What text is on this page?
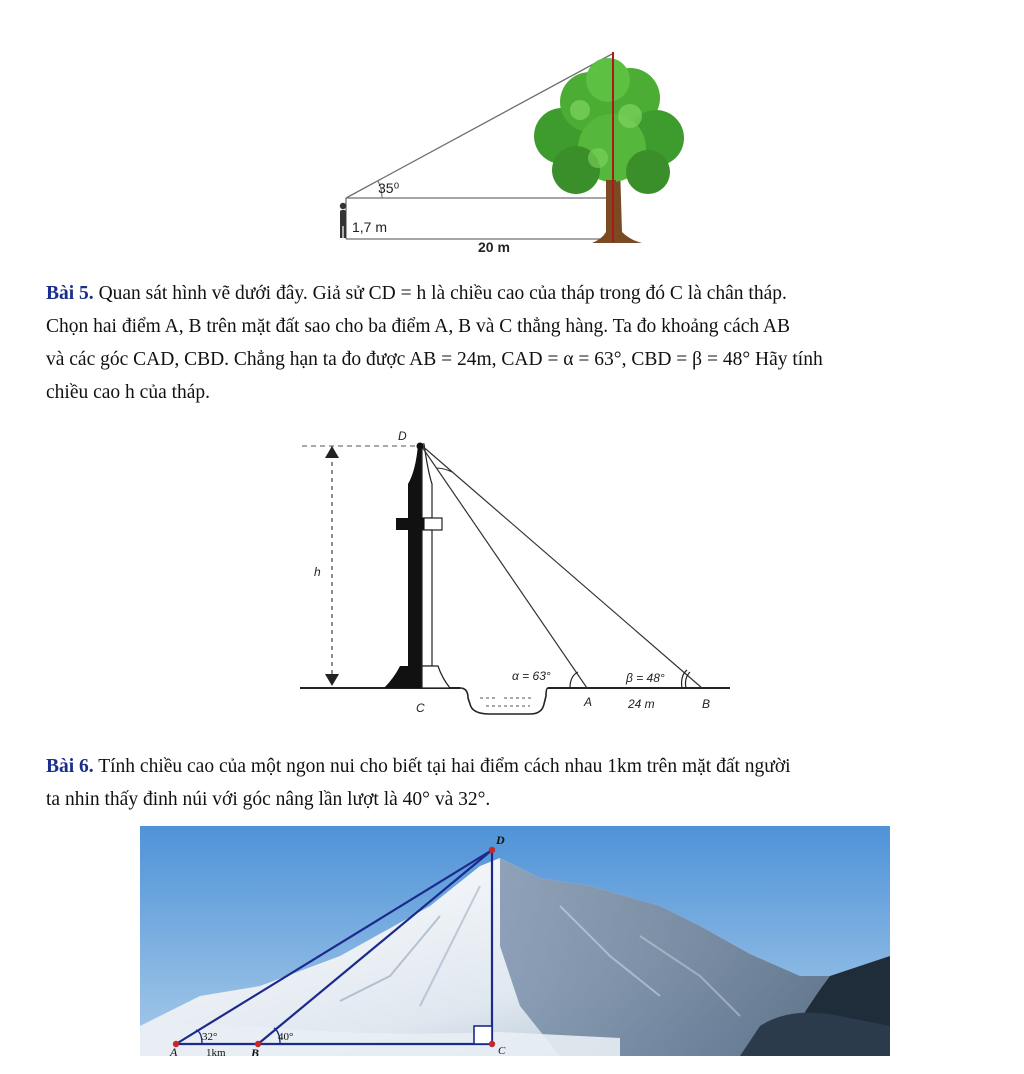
35⁰
1,7 m
20 m
Bài 5. Quan sát hình vẽ dưới đây. Giả sử CD = h là chiều cao của tháp trong đó C là chân tháp.
Chọn hai điểm A, B trên mặt đất sao cho ba điểm A, B và C thẳng hàng. Ta đo khoảng cách AB
và các góc CAD, CBD. Chẳng hạn ta đo được AB = 24m, CAD = α = 63°, CBD = β = 48° Hãy tính
chiều cao h của tháp.
D
h
C	A	B
α = 63°	β = 48°
24 m
Bài 6. Tính chiều cao của một ngon nui cho biết tại hai điểm cách nhau 1km trên mặt đất người
ta nhin thấy đinh núi với góc nâng lần lượt là 40° và 32°.
D
A	B	C
32°	40°
1km
